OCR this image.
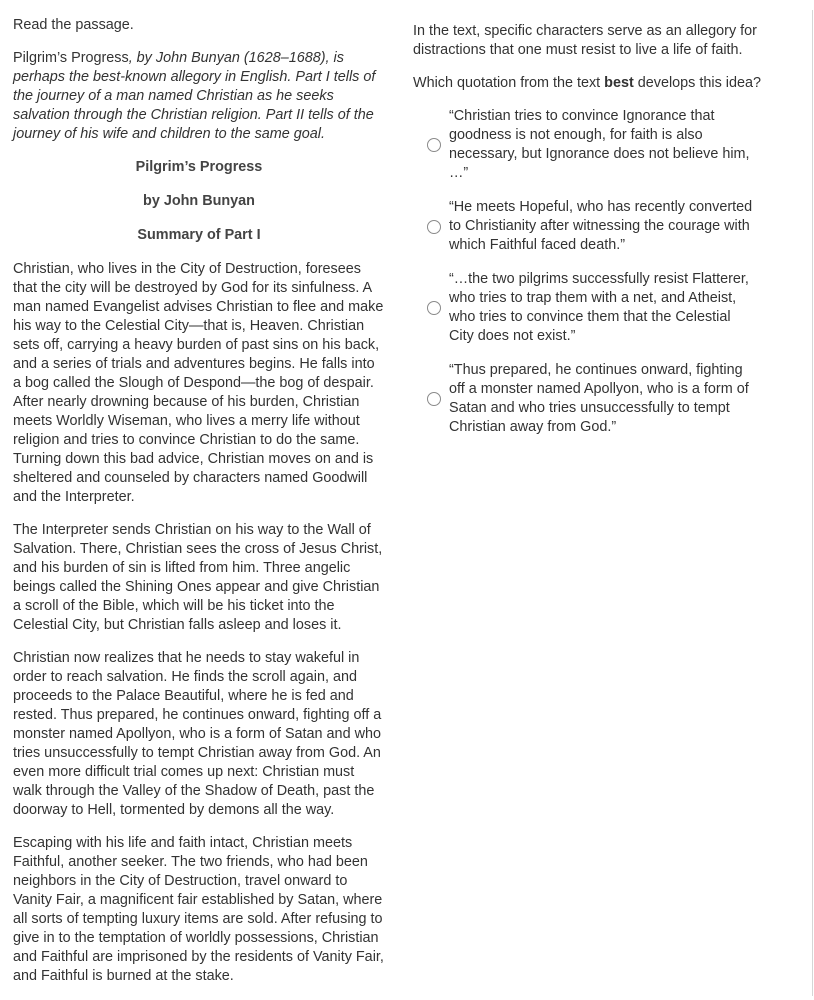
Read the passage.

Pilgrim’s Progress, by John Bunyan (1628–1688), is perhaps the best-known allegory in English. Part I tells of the journey of a man named Christian as he seeks salvation through the Christian religion. Part II tells of the journey of his wife and children to the same goal.

Pilgrim’s Progress

by John Bunyan

Summary of Part I

Christian, who lives in the City of Destruction, foresees that the city will be destroyed by God for its sinfulness. A man named Evangelist advises Christian to flee and make his way to the Celestial City—that is, Heaven. Christian sets off, carrying a heavy burden of past sins on his back, and a series of trials and adventures begins. He falls into a bog called the Slough of Despond—the bog of despair. After nearly drowning because of his burden, Christian meets Worldly Wiseman, who lives a merry life without religion and tries to convince Christian to do the same. Turning down this bad advice, Christian moves on and is sheltered and counseled by characters named Goodwill and the Interpreter.

The Interpreter sends Christian on his way to the Wall of Salvation. There, Christian sees the cross of Jesus Christ, and his burden of sin is lifted from him. Three angelic beings called the Shining Ones appear and give Christian a scroll of the Bible, which will be his ticket into the Celestial City, but Christian falls asleep and loses it.

Christian now realizes that he needs to stay wakeful in order to reach salvation. He finds the scroll again, and proceeds to the Palace Beautiful, where he is fed and rested. Thus prepared, he continues onward, fighting off a monster named Apollyon, who is a form of Satan and who tries unsuccessfully to tempt Christian away from God. An even more difficult trial comes up next: Christian must walk through the Valley of the Shadow of Death, past the doorway to Hell, tormented by demons all the way.

Escaping with his life and faith intact, Christian meets Faithful, another seeker. The two friends, who had been neighbors in the City of Destruction, travel onward to Vanity Fair, a magnificent fair established by Satan, where all sorts of tempting luxury items are sold. After refusing to give in to the temptation of worldly possessions, Christian and Faithful are imprisoned by the residents of Vanity Fair, and Faithful is burned at the stake.

In the text, specific characters serve as an allegory for distractions that one must resist to live a life of faith.

Which quotation from the text best develops this idea?

“Christian tries to convince Ignorance that goodness is not enough, for faith is also necessary, but Ignorance does not believe him, …”
“He meets Hopeful, who has recently converted to Christianity after witnessing the courage with which Faithful faced death.”
“…the two pilgrims successfully resist Flatterer, who tries to trap them with a net, and Atheist, who tries to convince them that the Celestial City does not exist.”
“Thus prepared, he continues onward, fighting off a monster named Apollyon, who is a form of Satan and who tries unsuccessfully to tempt Christian away from God.”
